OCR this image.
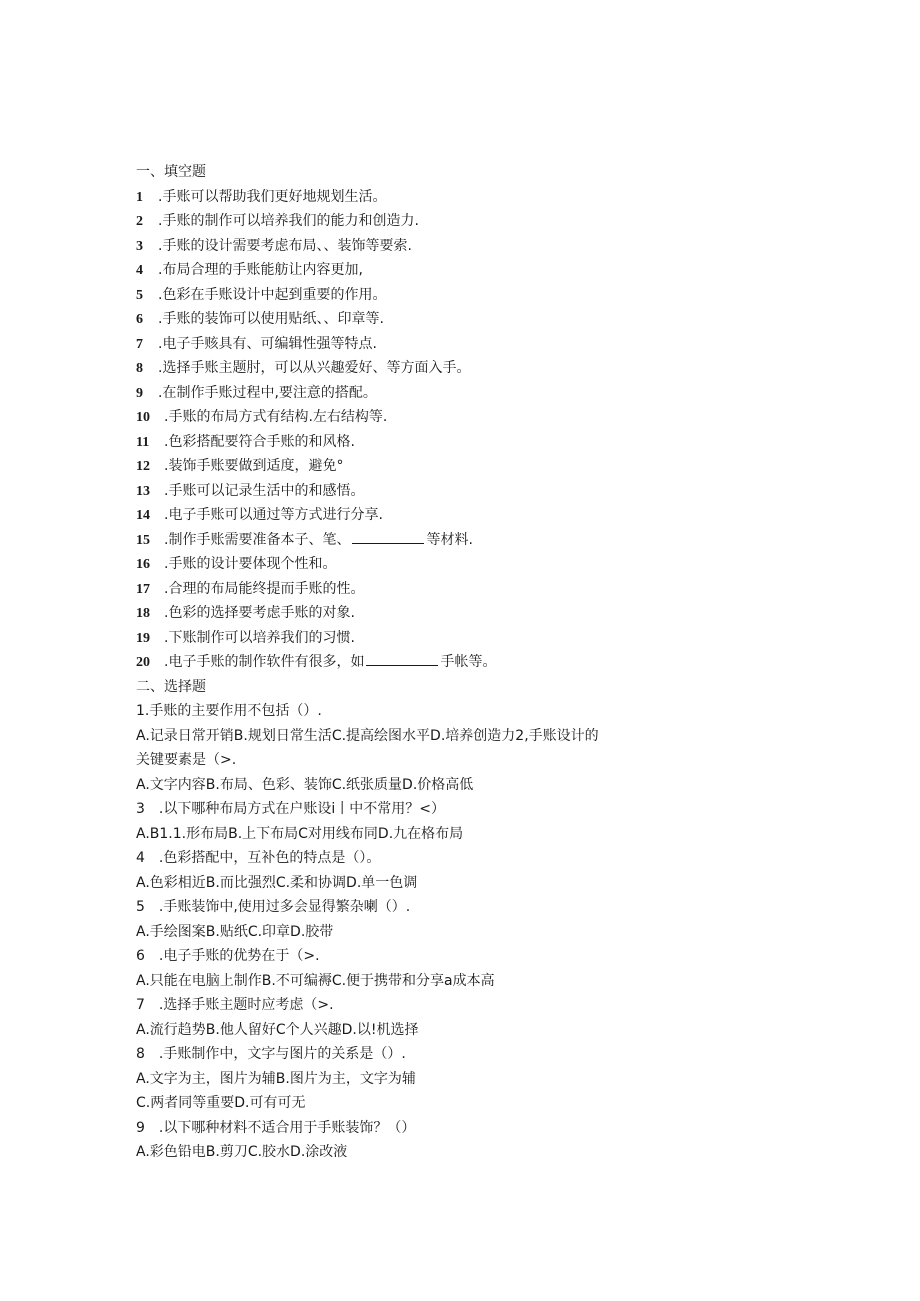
一、填空题
1 .手账可以帮助我们更好地规划生活。
2 .手账的制作可以培养我们的能力和创造力.
3 .手账的设计需要考虑布局、、装饰等要索.
4 .布局合理的手账能舫让内容更加,
5 .色彩在手账设计中起到重要的作用。
6 .手账的装饰可以使用贴纸、、印章等.
7 .电子手赅具有、可编辑性强等特点.
8 .选择手账主题肘，可以从兴趣爱好、等方面入手。
9 .在制作手账过程中,要注意的搭配。
10 .手账的布局方式有结构.左右结构等.
11 .色彩搭配要符合手账的和风格.
12 .装饰手账要做到适度，避免°
13 .手账可以记录生活中的和感悟。
14 .电子手账可以通过等方式进行分享.
15 .制作手账需要准备本子、笔、	等材料.
16 .手账的设计要体现个性和。
17 .合理的布局能终提而手账的性。
18 .色彩的选择要考虑手账的对象.
19 .下账制作可以培养我们的习惯.
20 .电子手账的制作软件有很多，如	手帐等。
二、选择题
1.手账的主要作用不包括（）.
A.记录日常开销B.规划日常生活C.提高绘图水平D.培养创造力2,手账设计的
关键要素是（>.
A.文字内容B.布局、色彩、装饰C.纸张质量D.价格高低
3　.以下哪种布局方式在户账设i丨中不常用？<）
A.B1.1.形布局B.上下布局C对用线布同D.九在格布局
4　.色彩搭配中，互补色的特点是（）。
A.色彩相近B.而比强烈C.柔和协调D.单一色调
5　.手账装饰中,使用过多会显得繁杂喇（）.
A.手绘图案B.贴纸C.印章D.胶带
6　.电子手账的优势在于（>.
A.只能在电脑上制作B.不可编褥C.便于携带和分享a成本高
7　.选择手账主题时应考虑（>.
A.流行趋势B.他人留好C个人兴趣D.以!机选择
8　.手账制作中，文字与图片的关系是（）.
A.文字为主，图片为辅B.图片为主，文字为辅
C.两者同等重要D.可有可无
9　.以下哪种材料不适合用于手账装饰？（）
A.彩色铅电B.剪刀C.胶水D.涂改液
